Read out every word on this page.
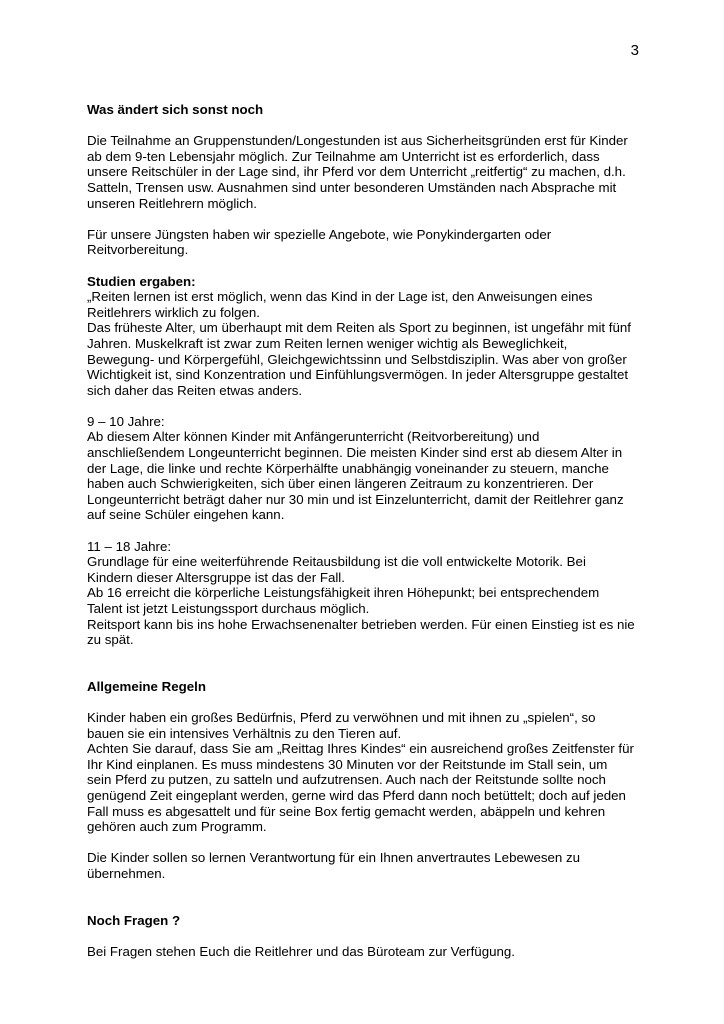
3

Was ändert sich sonst noch

Die Teilnahme an Gruppenstunden/Longestunden ist aus Sicherheitsgründen erst für Kinder
ab dem 9-ten Lebensjahr möglich. Zur Teilnahme am Unterricht ist es erforderlich, dass
unsere Reitschüler in der Lage sind, ihr Pferd vor dem Unterricht „reitfertig“ zu machen, d.h.
Satteln, Trensen usw. Ausnahmen sind unter besonderen Umständen nach Absprache mit
unseren Reitlehrern möglich.

Für unsere Jüngsten haben wir spezielle Angebote, wie Ponykindergarten oder
Reitvorbereitung.

Studien ergaben:

„Reiten lernen ist erst möglich, wenn das Kind in der Lage ist, den Anweisungen eines
Reitlehrers wirklich zu folgen.
Das früheste Alter, um überhaupt mit dem Reiten als Sport zu beginnen, ist ungefähr mit fünf
Jahren. Muskelkraft ist zwar zum Reiten lernen weniger wichtig als Beweglichkeit,
Bewegung- und Körpergefühl, Gleichgewichtssinn und Selbstdisziplin. Was aber von großer
Wichtigkeit ist, sind Konzentration und Einfühlungsvermögen. In jeder Altersgruppe gestaltet
sich daher das Reiten etwas anders.

9 – 10 Jahre:
Ab diesem Alter können Kinder mit Anfängerunterricht (Reitvorbereitung) und
anschließendem Longeunterricht beginnen. Die meisten Kinder sind erst ab diesem Alter in
der Lage, die linke und rechte Körperhälfte unabhängig voneinander zu steuern, manche
haben auch Schwierigkeiten, sich über einen längeren Zeitraum zu konzentrieren. Der
Longeunterricht beträgt daher nur 30 min und ist Einzelunterricht, damit der Reitlehrer ganz
auf seine Schüler eingehen kann.

11 – 18 Jahre:
Grundlage für eine weiterführende Reitausbildung ist die voll entwickelte Motorik. Bei
Kindern dieser Altersgruppe ist das der Fall.
Ab 16 erreicht die körperliche Leistungsfähigkeit ihren Höhepunkt; bei entsprechendem
Talent ist jetzt Leistungssport durchaus möglich.
Reitsport kann bis ins hohe Erwachsenenalter betrieben werden. Für einen Einstieg ist es nie
zu spät.

Allgemeine Regeln

Kinder haben ein großes Bedürfnis, Pferd zu verwöhnen und mit ihnen zu „spielen“, so
bauen sie ein intensives Verhältnis zu den Tieren auf.
Achten Sie darauf, dass Sie am „Reittag Ihres Kindes“ ein ausreichend großes Zeitfenster für
Ihr Kind einplanen. Es muss mindestens 30 Minuten vor der Reitstunde im Stall sein, um
sein Pferd zu putzen, zu satteln und aufzutrensen. Auch nach der Reitstunde sollte noch
genügend Zeit eingeplant werden, gerne wird das Pferd dann noch betüttelt; doch auf jeden
Fall muss es abgesattelt und für seine Box fertig gemacht werden, abäppeln und kehren
gehören auch zum Programm.

Die Kinder sollen so lernen Verantwortung für ein Ihnen anvertrautes Lebewesen zu
übernehmen.

Noch Fragen ?

Bei Fragen stehen Euch die Reitlehrer und das Büroteam zur Verfügung.
